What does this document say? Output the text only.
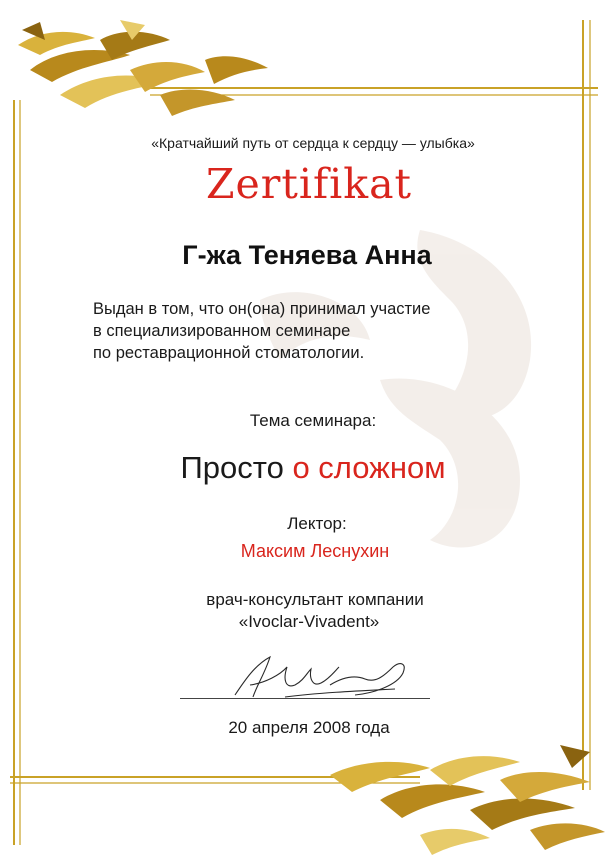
«Кратчайший путь от сердца к сердцу — улыбка»
Zertifikat
Г-жа Теняева Анна
Выдан в том, что он(она) принимал участие
в специализированном семинаре
по реставрационной стоматологии.
Тема семинара:
Просто о сложном
Лектор:
Максим Леснухин
врач-консультант компании
«Ivoclar-Vivadent»
20 апреля 2008 года
